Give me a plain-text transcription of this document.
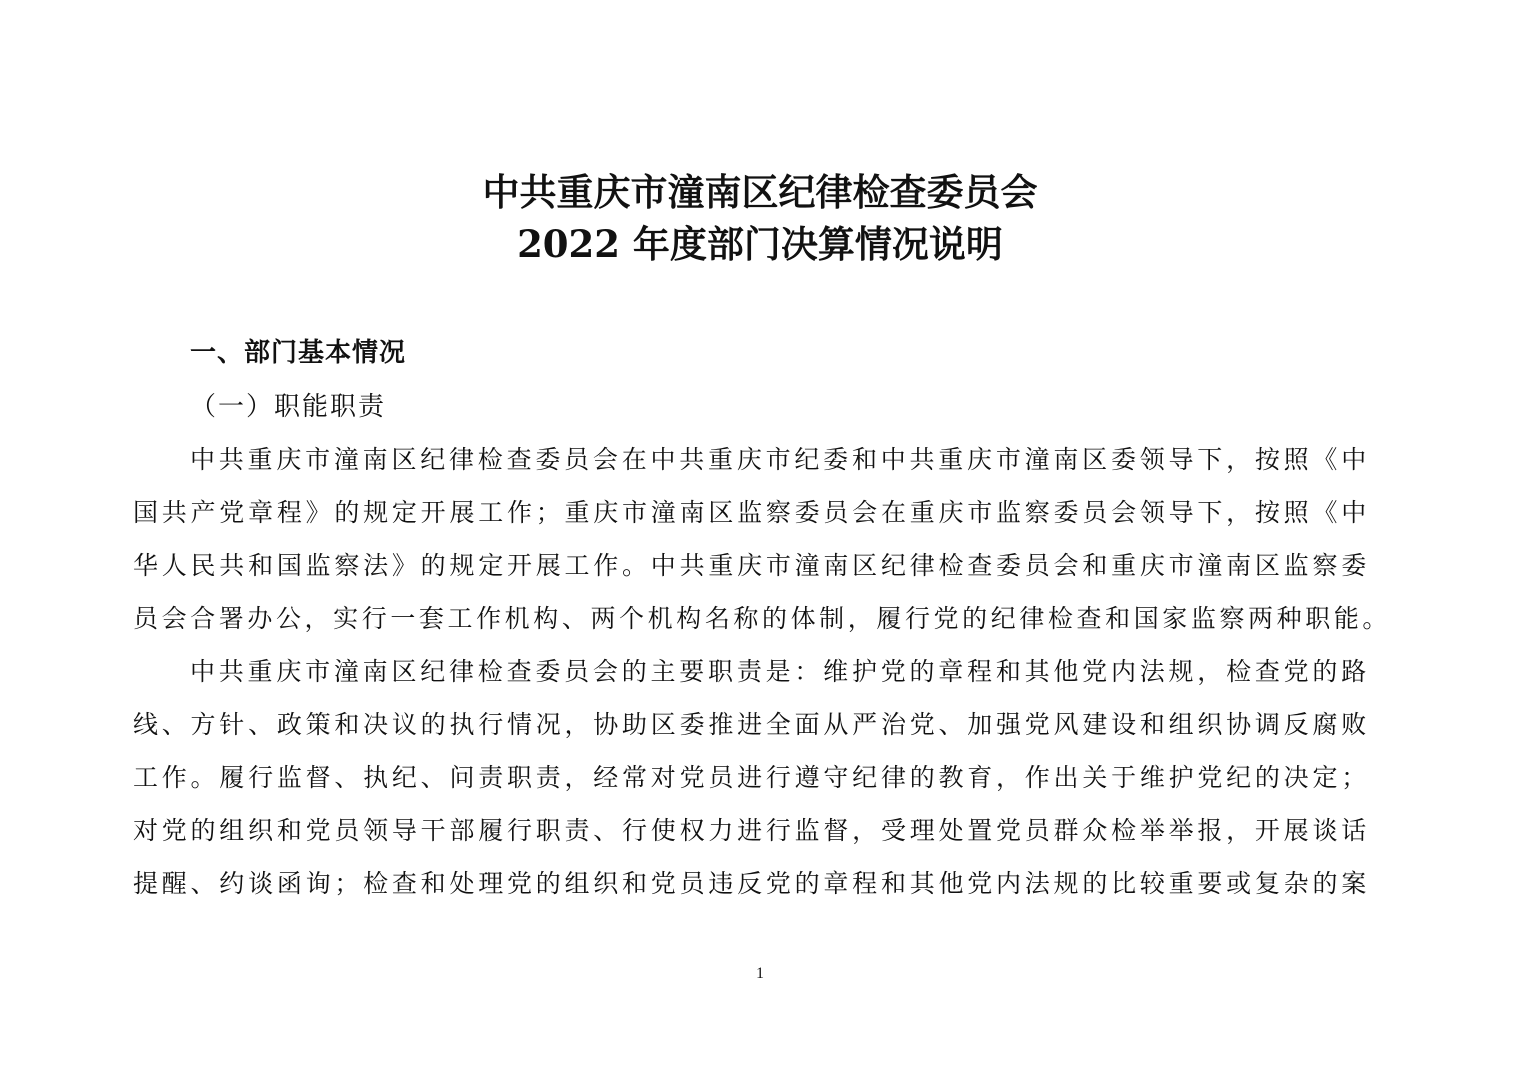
中共重庆市潼南区纪律检查委员会
2022 年度部门决算情况说明
一、部门基本情况
（一）职能职责
中共重庆市潼南区纪律检查委员会在中共重庆市纪委和中共重庆市潼南区委领导下，按照《中
国共产党章程》的规定开展工作；重庆市潼南区监察委员会在重庆市监察委员会领导下，按照《中
华人民共和国监察法》的规定开展工作。中共重庆市潼南区纪律检查委员会和重庆市潼南区监察委
员会合署办公，实行一套工作机构、两个机构名称的体制，履行党的纪律检查和国家监察两种职能。
中共重庆市潼南区纪律检查委员会的主要职责是：维护党的章程和其他党内法规，检查党的路
线、方针、政策和决议的执行情况，协助区委推进全面从严治党、加强党风建设和组织协调反腐败
工作。履行监督、执纪、问责职责，经常对党员进行遵守纪律的教育，作出关于维护党纪的决定；
对党的组织和党员领导干部履行职责、行使权力进行监督，受理处置党员群众检举举报，开展谈话
提醒、约谈函询；检查和处理党的组织和党员违反党的章程和其他党内法规的比较重要或复杂的案
1
